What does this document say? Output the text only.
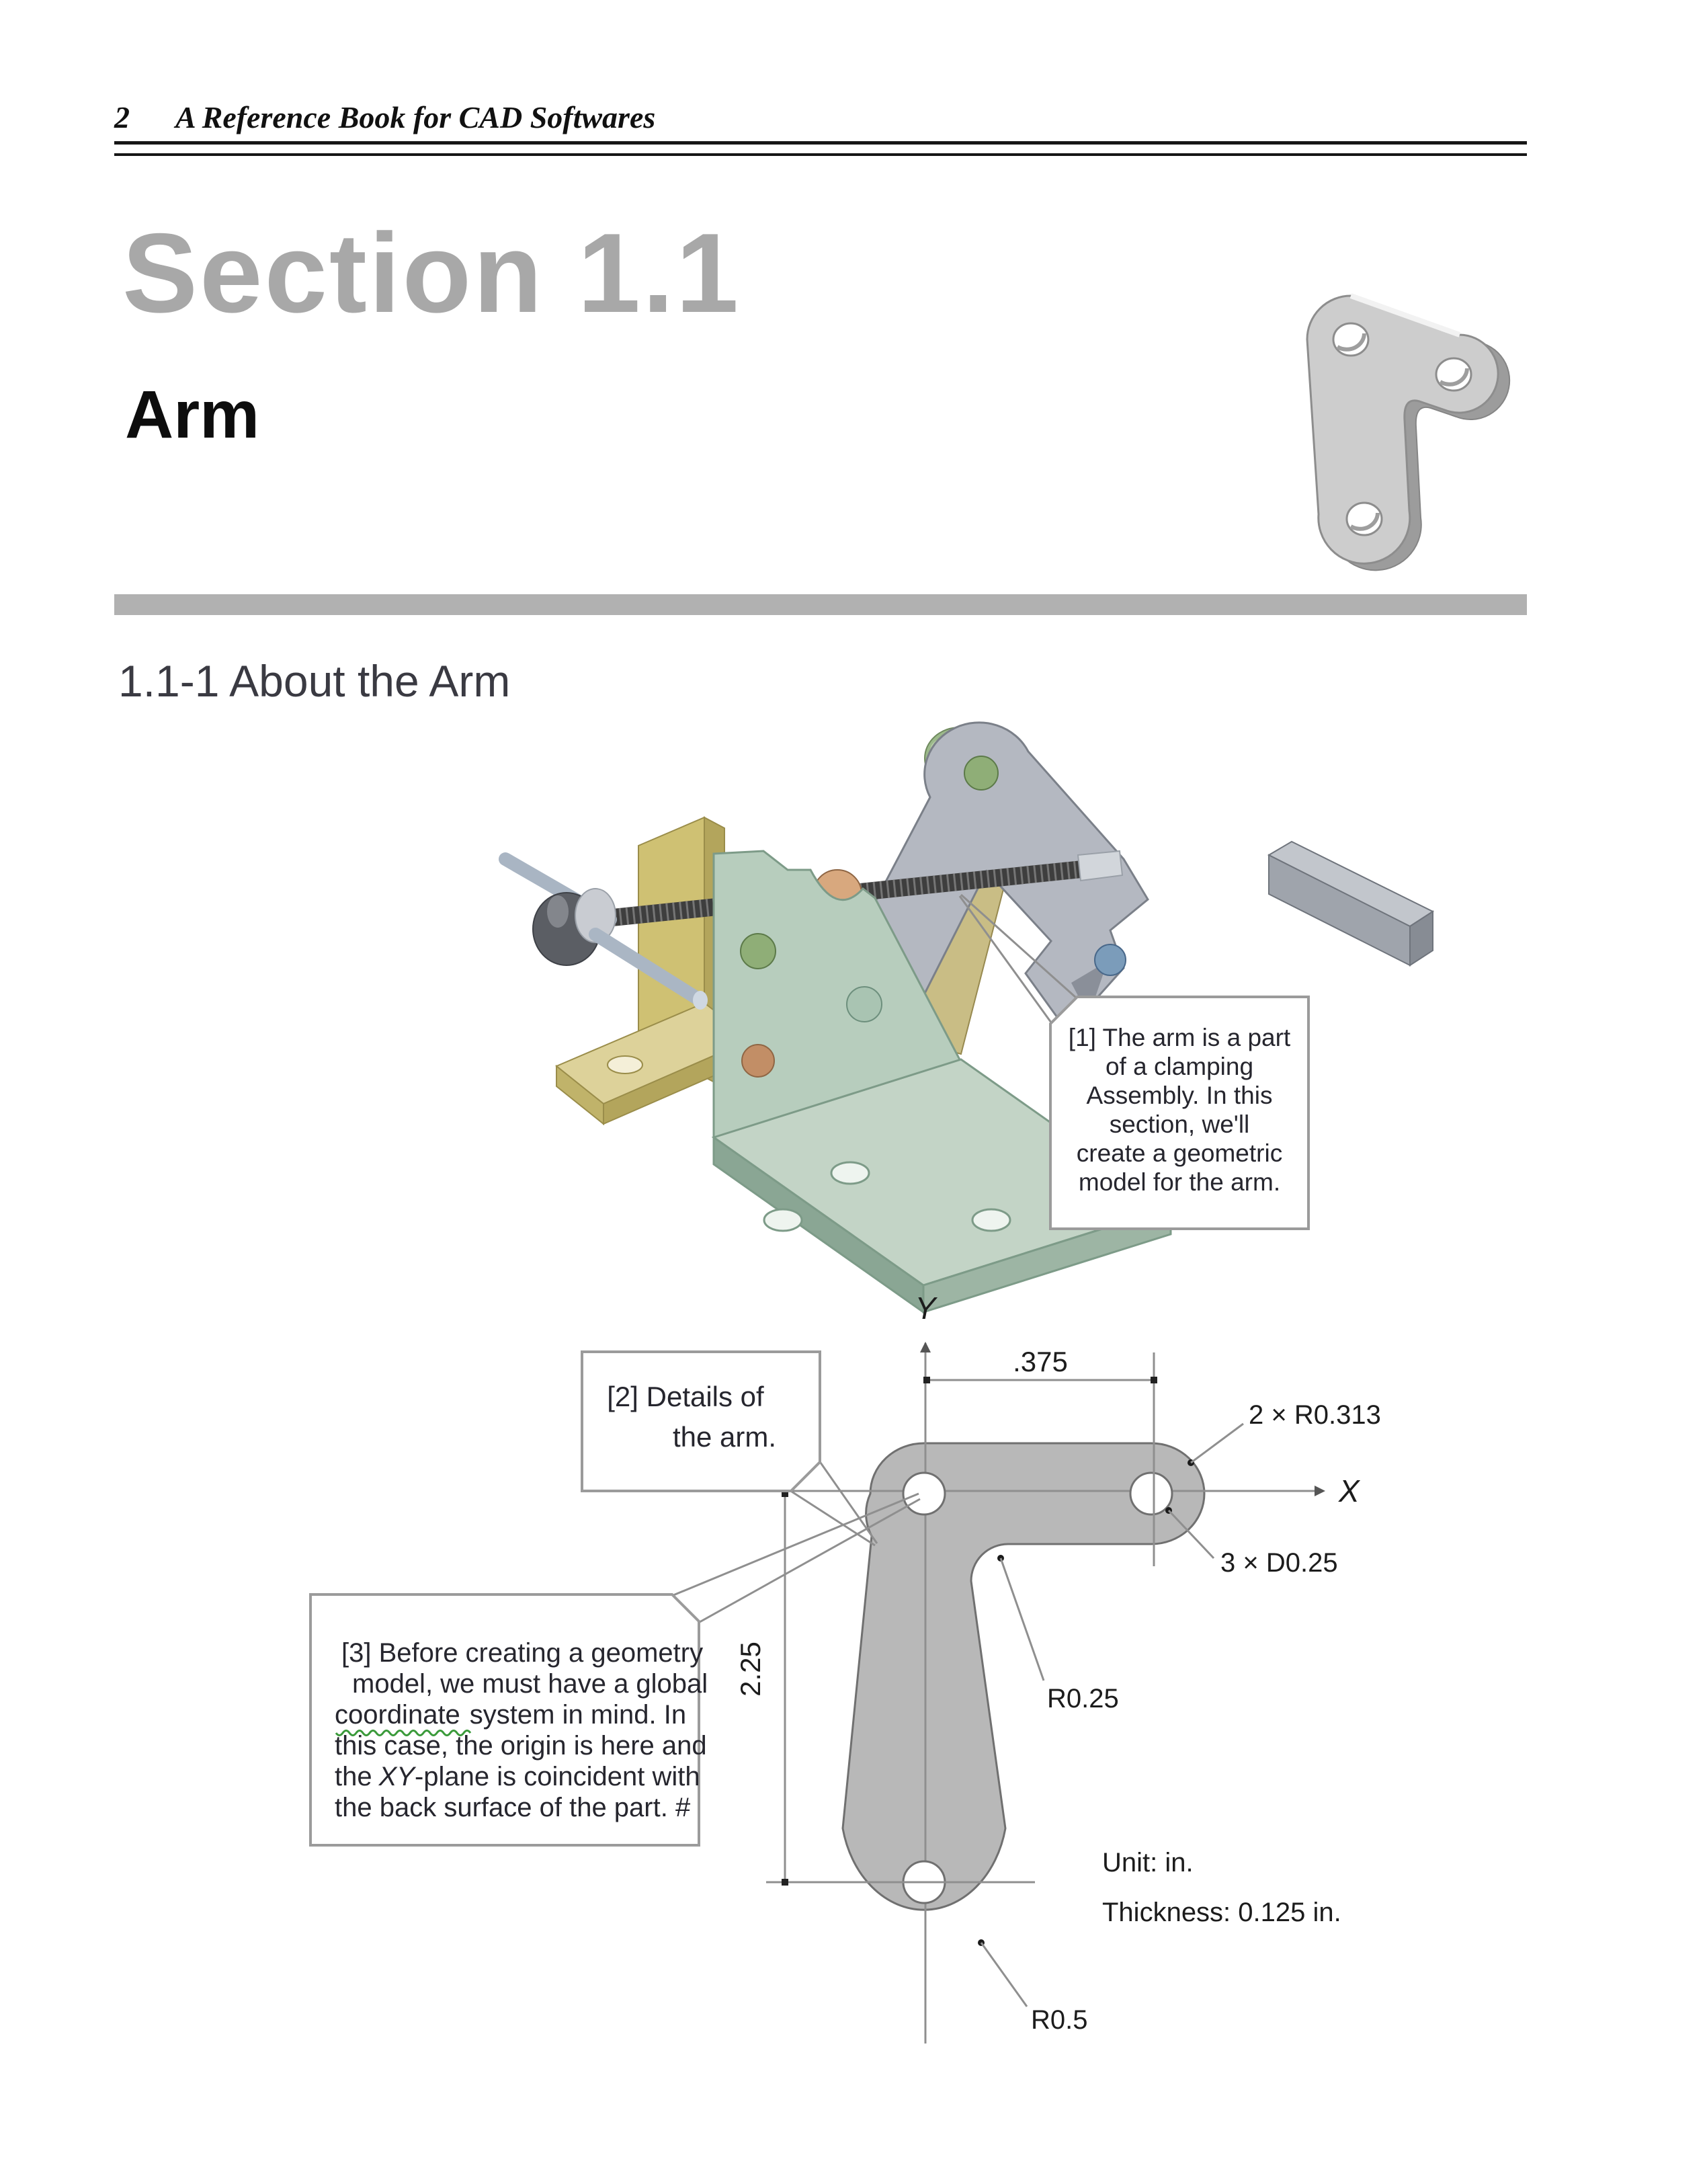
2 A Reference Book for CAD Softwares
Section 1.1
Arm
1.1-1 About the Arm
[1] The arm is a part
of a clamping
Assembly. In this
section, we'll
create a geometric
model for the arm.
.375
2.25
2 × R0.313
3 × D0.25
R0.25
R0.5
Y
X
Unit: in.
Thickness: 0.125 in.
[2] Details of
the arm.
[3] Before creating a geometry
model, we must have a global
coordinate system in mind. In
this case, the origin is here and
the XY-plane is coincident with
the back surface of the part. #
